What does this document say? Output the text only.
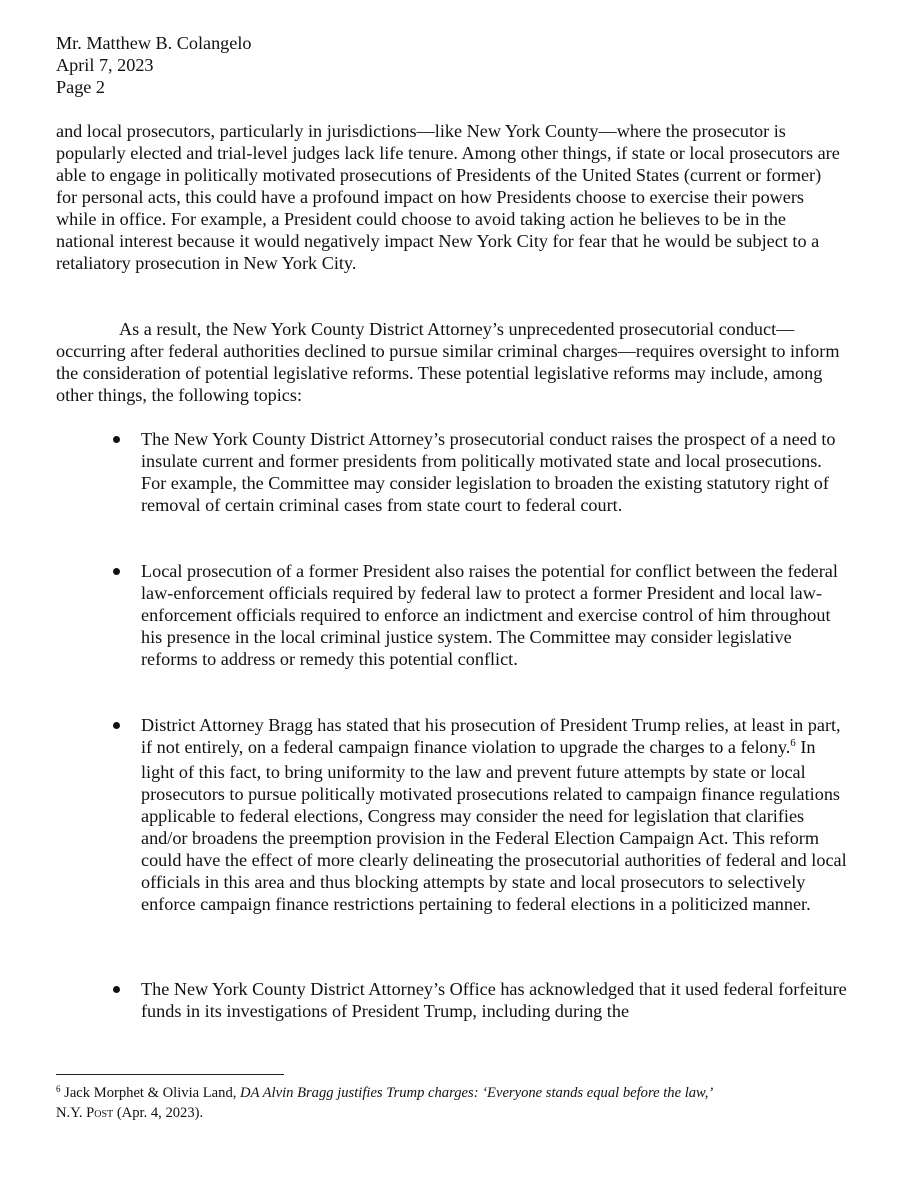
Mr. Matthew B. Colangelo
April 7, 2023
Page 2

and local prosecutors, particularly in jurisdictions—like New York County—where the prosecutor is popularly elected and trial-level judges lack life tenure. Among other things, if state or local prosecutors are able to engage in politically motivated prosecutions of Presidents of the United States (current or former) for personal acts, this could have a profound impact on how Presidents choose to exercise their powers while in office. For example, a President could choose to avoid taking action he believes to be in the national interest because it would negatively impact New York City for fear that he would be subject to a retaliatory prosecution in New York City.

As a result, the New York County District Attorney’s unprecedented prosecutorial conduct—occurring after federal authorities declined to pursue similar criminal charges—requires oversight to inform the consideration of potential legislative reforms. These potential legislative reforms may include, among other things, the following topics:

The New York County District Attorney’s prosecutorial conduct raises the prospect of a need to insulate current and former presidents from politically motivated state and local prosecutions. For example, the Committee may consider legislation to broaden the existing statutory right of removal of certain criminal cases from state court to federal court.
Local prosecution of a former President also raises the potential for conflict between the federal law-enforcement officials required by federal law to protect a former President and local law-enforcement officials required to enforce an indictment and exercise control of him throughout his presence in the local criminal justice system. The Committee may consider legislative reforms to address or remedy this potential conflict.
District Attorney Bragg has stated that his prosecution of President Trump relies, at least in part, if not entirely, on a federal campaign finance violation to upgrade the charges to a felony.$^6$ In light of this fact, to bring uniformity to the law and prevent future attempts by state or local prosecutors to pursue politically motivated prosecutions related to campaign finance regulations applicable to federal elections, Congress may consider the need for legislation that clarifies and/or broadens the preemption provision in the Federal Election Campaign Act. This reform could have the effect of more clearly delineating the prosecutorial authorities of federal and local officials in this area and thus blocking attempts by state and local prosecutors to selectively enforce campaign finance restrictions pertaining to federal elections in a politicized manner.
The New York County District Attorney’s Office has acknowledged that it used federal forfeiture funds in its investigations of President Trump, including during the
$^6$ Jack Morphet & Olivia Land, DA Alvin Bragg justifies Trump charges: ‘Everyone stands equal before the law,’
N.Y. Post (Apr. 4, 2023).
